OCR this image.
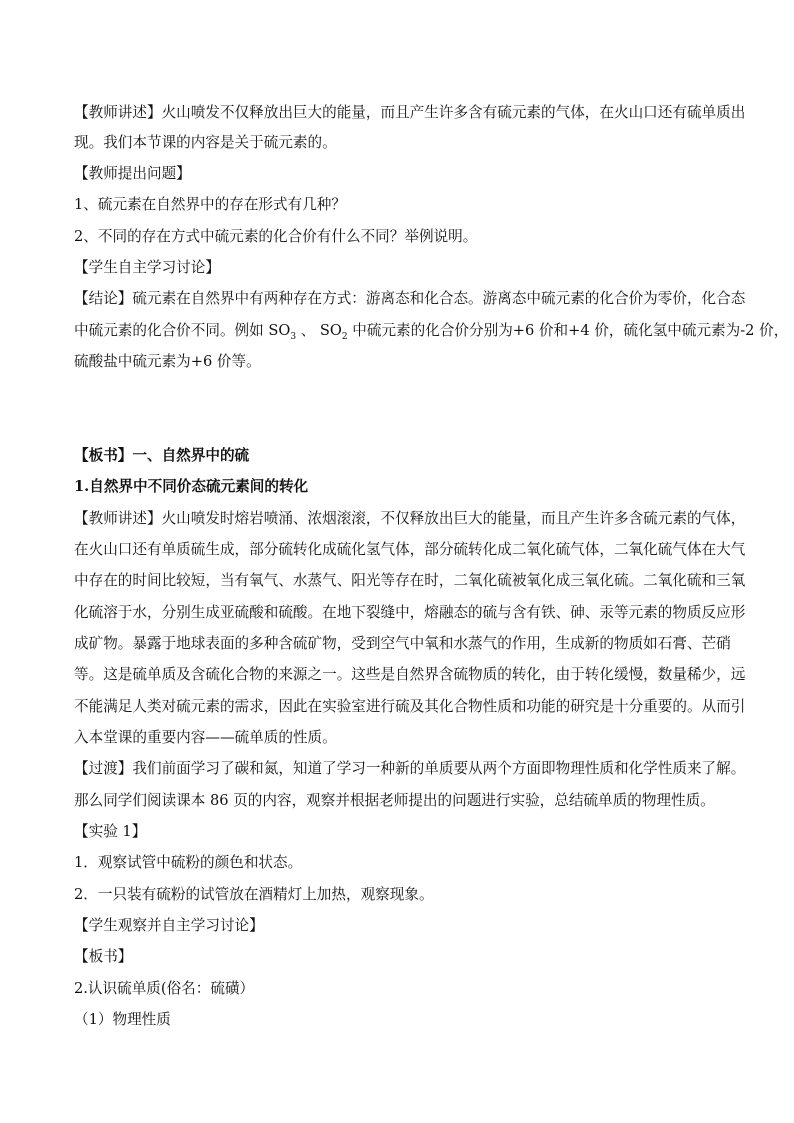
【教师讲述】火山喷发不仅释放出巨大的能量，而且产生许多含有硫元素的气体，在火山口还有硫单质出
现。我们本节课的内容是关于硫元素的。
【教师提出问题】
1、硫元素在自然界中的存在形式有几种？
2、不同的存在方式中硫元素的化合价有什么不同？举例说明。
【学生自主学习讨论】
【结论】硫元素在自然界中有两种存在方式：游离态和化合态。游离态中硫元素的化合价为零价，化合态
中硫元素的化合价不同。例如 $SO_3$ 、 $SO_2$ 中硫元素的化合价分别为+6 价和+4 价，硫化氢中硫元素为-2 价，
硫酸盐中硫元素为+6 价等。
【板书】一、自然界中的硫
1.自然界中不同价态硫元素间的转化
【教师讲述】火山喷发时熔岩喷涌、浓烟滚滚，不仅释放出巨大的能量，而且产生许多含硫元素的气体，
在火山口还有单质硫生成，部分硫转化成硫化氢气体，部分硫转化成二氧化硫气体，二氧化硫气体在大气
中存在的时间比较短，当有氧气、水蒸气、阳光等存在时，二氧化硫被氧化成三氧化硫。二氧化硫和三氧
化硫溶于水，分别生成亚硫酸和硫酸。在地下裂缝中，熔融态的硫与含有铁、砷、汞等元素的物质反应形
成矿物。暴露于地球表面的多种含硫矿物，受到空气中氧和水蒸气的作用，生成新的物质如石膏、芒硝
等。这是硫单质及含硫化合物的来源之一。这些是自然界含硫物质的转化，由于转化缓慢，数量稀少，远
不能满足人类对硫元素的需求，因此在实验室进行硫及其化合物性质和功能的研究是十分重要的。从而引
入本堂课的重要内容——硫单质的性质。
【过渡】我们前面学习了碳和氮，知道了学习一种新的单质要从两个方面即物理性质和化学性质来了解。
那么同学们阅读课本 86 页的内容，观察并根据老师提出的问题进行实验，总结硫单质的物理性质。
【实验 1】
1．观察试管中硫粉的颜色和状态。
2．一只装有硫粉的试管放在酒精灯上加热，观察现象。
【学生观察并自主学习讨论】
【板书】
2.认识硫单质(俗名：硫磺）
（1）物理性质
